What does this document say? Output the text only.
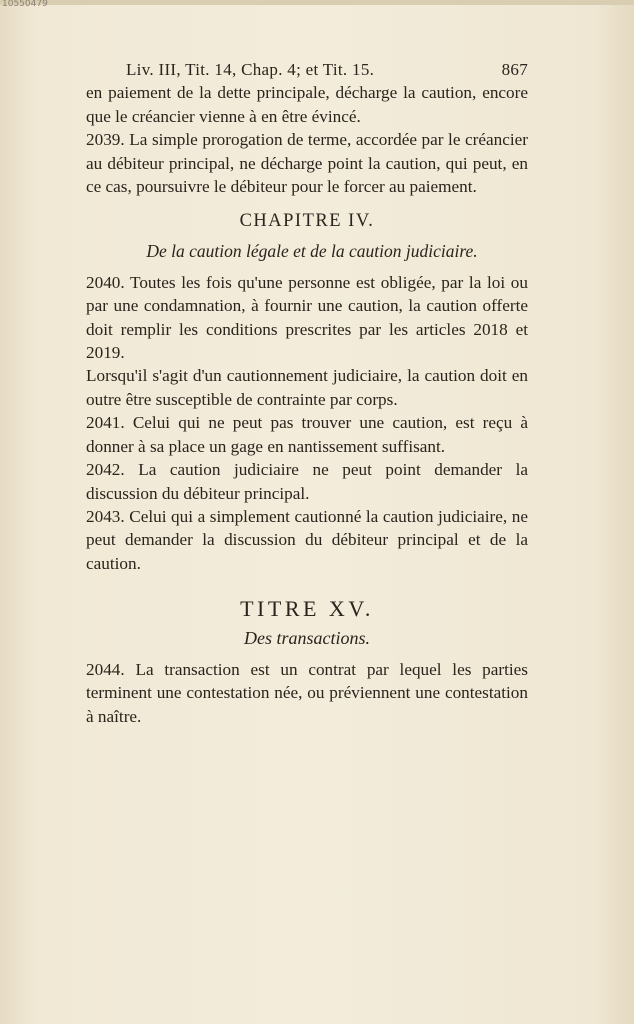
10550479
Liv. III, Tit. 14, Chap. 4; et Tit. 15.	867

en paiement de la dette principale, décharge la caution, encore que le créancier vienne à en être évincé.

2039. La simple prorogation de terme, accordée par le créancier au débiteur principal, ne décharge point la caution, qui peut, en ce cas, poursuivre le débiteur pour le forcer au paiement.

CHAPITRE IV.
De la caution légale et de la caution judiciaire.

2040. Toutes les fois qu'une personne est obligée, par la loi ou par une condamnation, à fournir une caution, la caution offerte doit remplir les conditions prescrites par les articles 2018 et 2019.

Lorsqu'il s'agit d'un cautionnement judiciaire, la caution doit en outre être susceptible de contrainte par corps.

2041. Celui qui ne peut pas trouver une caution, est reçu à donner à sa place un gage en nantissement suffisant.

2042. La caution judiciaire ne peut point demander la discussion du débiteur principal.

2043. Celui qui a simplement cautionné la caution judiciaire, ne peut demander la discussion du débiteur principal et de la caution.

TITRE XV.
Des transactions.

2044. La transaction est un contrat par lequel les parties terminent une contestation née, ou préviennent une contestation à naître.
